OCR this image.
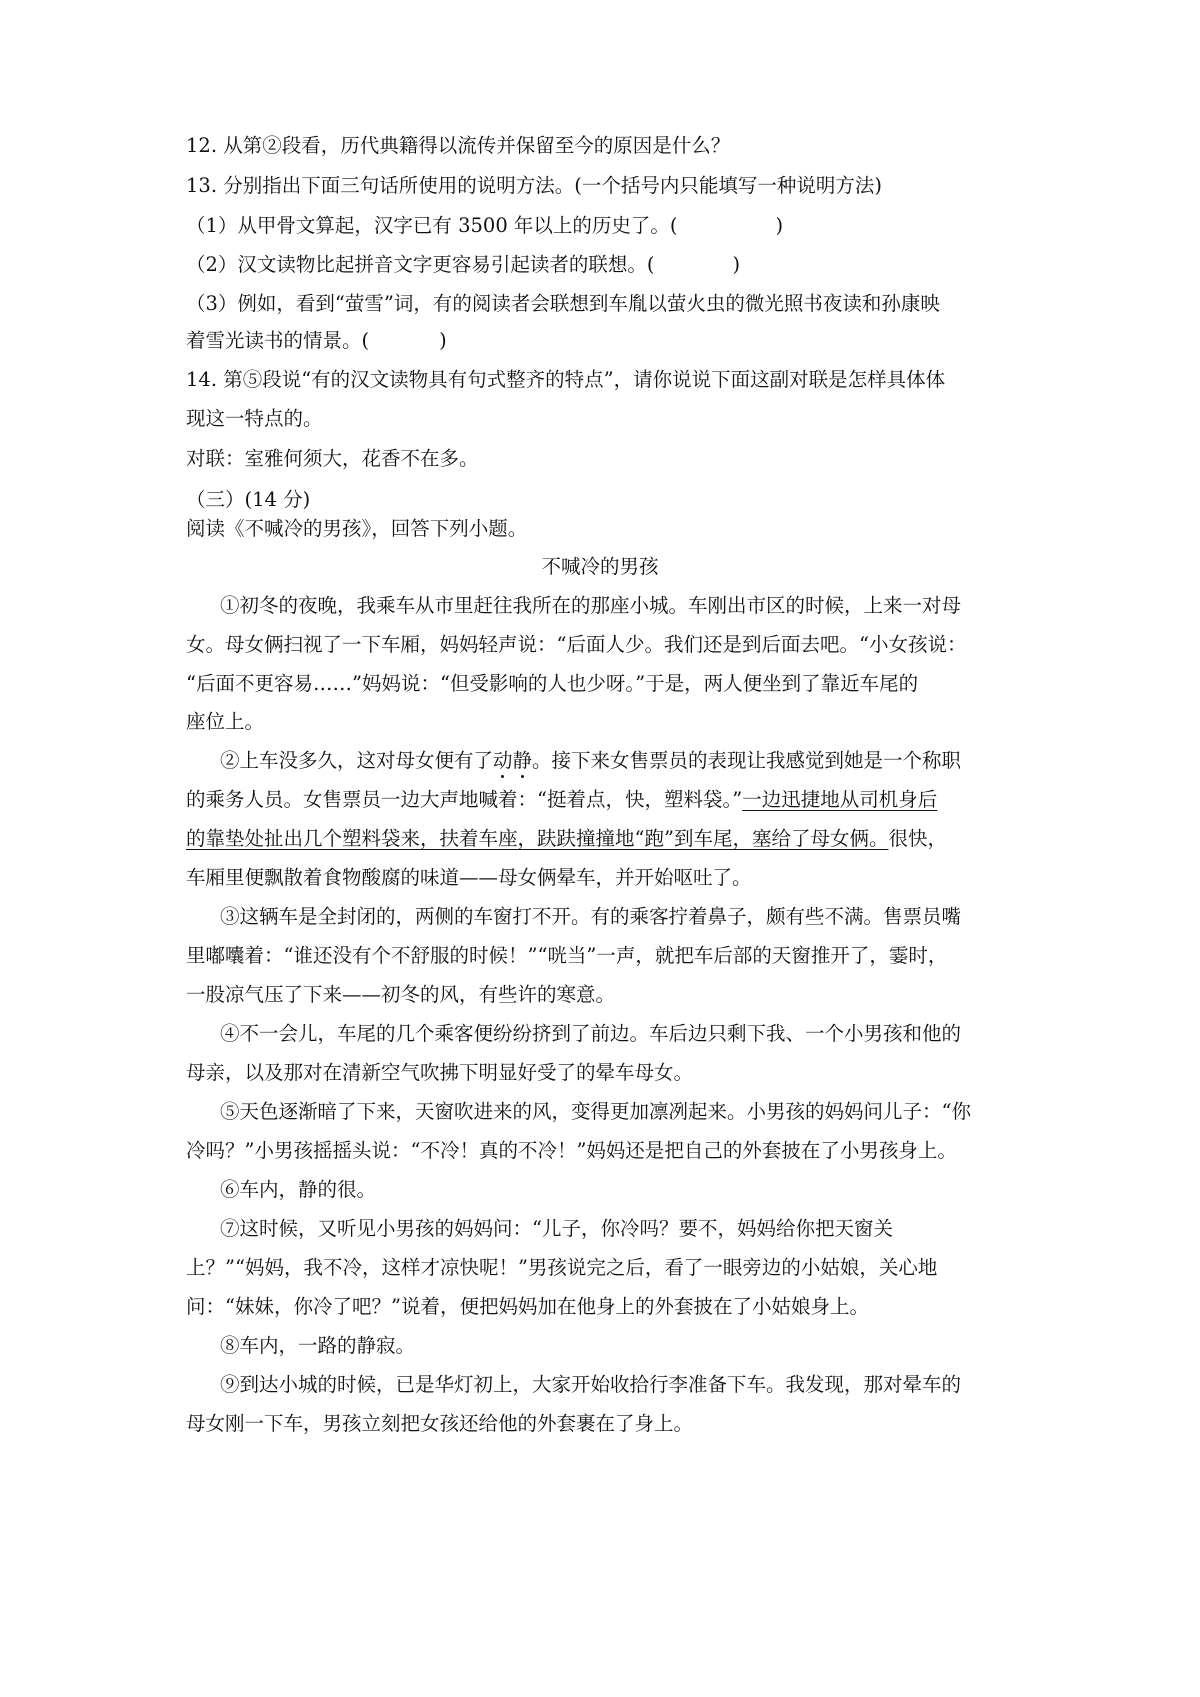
12. 从第②段看，历代典籍得以流传并保留至今的原因是什么？
13. 分别指出下面三句话所使用的说明方法。(一个括号内只能填写一种说明方法)
（1）从甲骨文算起，汉字已有 3500 年以上的历史了。(	)
（2）汉文读物比起拼音文字更容易引起读者的联想。(	)
（3）例如，看到“萤雪”词，有的阅读者会联想到车胤以萤火虫的微光照书夜读和孙康映
着雪光读书的情景。(	)
14. 第⑤段说“有的汉文读物具有句式整齐的特点”，请你说说下面这副对联是怎样具体体
现这一特点的。
对联：室雅何须大，花香不在多。
（三）(14 分)
阅读《不喊冷的男孩》，回答下列小题。
不喊冷的男孩
①初冬的夜晚，我乘车从市里赶往我所在的那座小城。车刚出市区的时候，上来一对母
女。母女俩扫视了一下车厢，妈妈轻声说：“后面人少。我们还是到后面去吧。“小女孩说：
“后面不更容易……”妈妈说：“但受影响的人也少呀。”于是，两人便坐到了靠近车尾的
座位上。
②上车没多久，这对母女便有了动静。接下来女售票员的表现让我感觉到她是一个称职
的乘务人员。女售票员一边大声地喊着：“挺着点，快，塑料袋。”一边迅捷地从司机身后
的靠垫处扯出几个塑料袋来，扶着车座，趺趺撞撞地“跑”到车尾，塞给了母女俩。很快，
车厢里便飘散着食物酸腐的味道——母女俩晕车，并开始呕吐了。
③这辆车是全封闭的，两侧的车窗打不开。有的乘客拧着鼻子，颇有些不满。售票员嘴
里嘟囔着：“谁还没有个不舒服的时候！”“咣当”一声，就把车后部的天窗推开了，霎时，
一股凉气压了下来——初冬的风，有些许的寒意。
④不一会儿，车尾的几个乘客便纷纷挤到了前边。车后边只剩下我、一个小男孩和他的
母亲，以及那对在清新空气吹拂下明显好受了的晕车母女。
⑤天色逐渐暗了下来，天窗吹进来的风，变得更加凛冽起来。小男孩的妈妈问儿子：“你
冷吗？”小男孩摇摇头说：“不冷！真的不冷！”妈妈还是把自己的外套披在了小男孩身上。
⑥车内，静的很。
⑦这时候，又听见小男孩的妈妈问：“儿子，你冷吗？要不，妈妈给你把天窗关
上？”“妈妈，我不冷，这样才凉快呢！”男孩说完之后，看了一眼旁边的小姑娘，关心地
问：“妹妹，你冷了吧？”说着，便把妈妈加在他身上的外套披在了小姑娘身上。
⑧车内，一路的静寂。
⑨到达小城的时候，已是华灯初上，大家开始收拾行李准备下车。我发现，那对晕车的
母女刚一下车，男孩立刻把女孩还给他的外套裹在了身上。
